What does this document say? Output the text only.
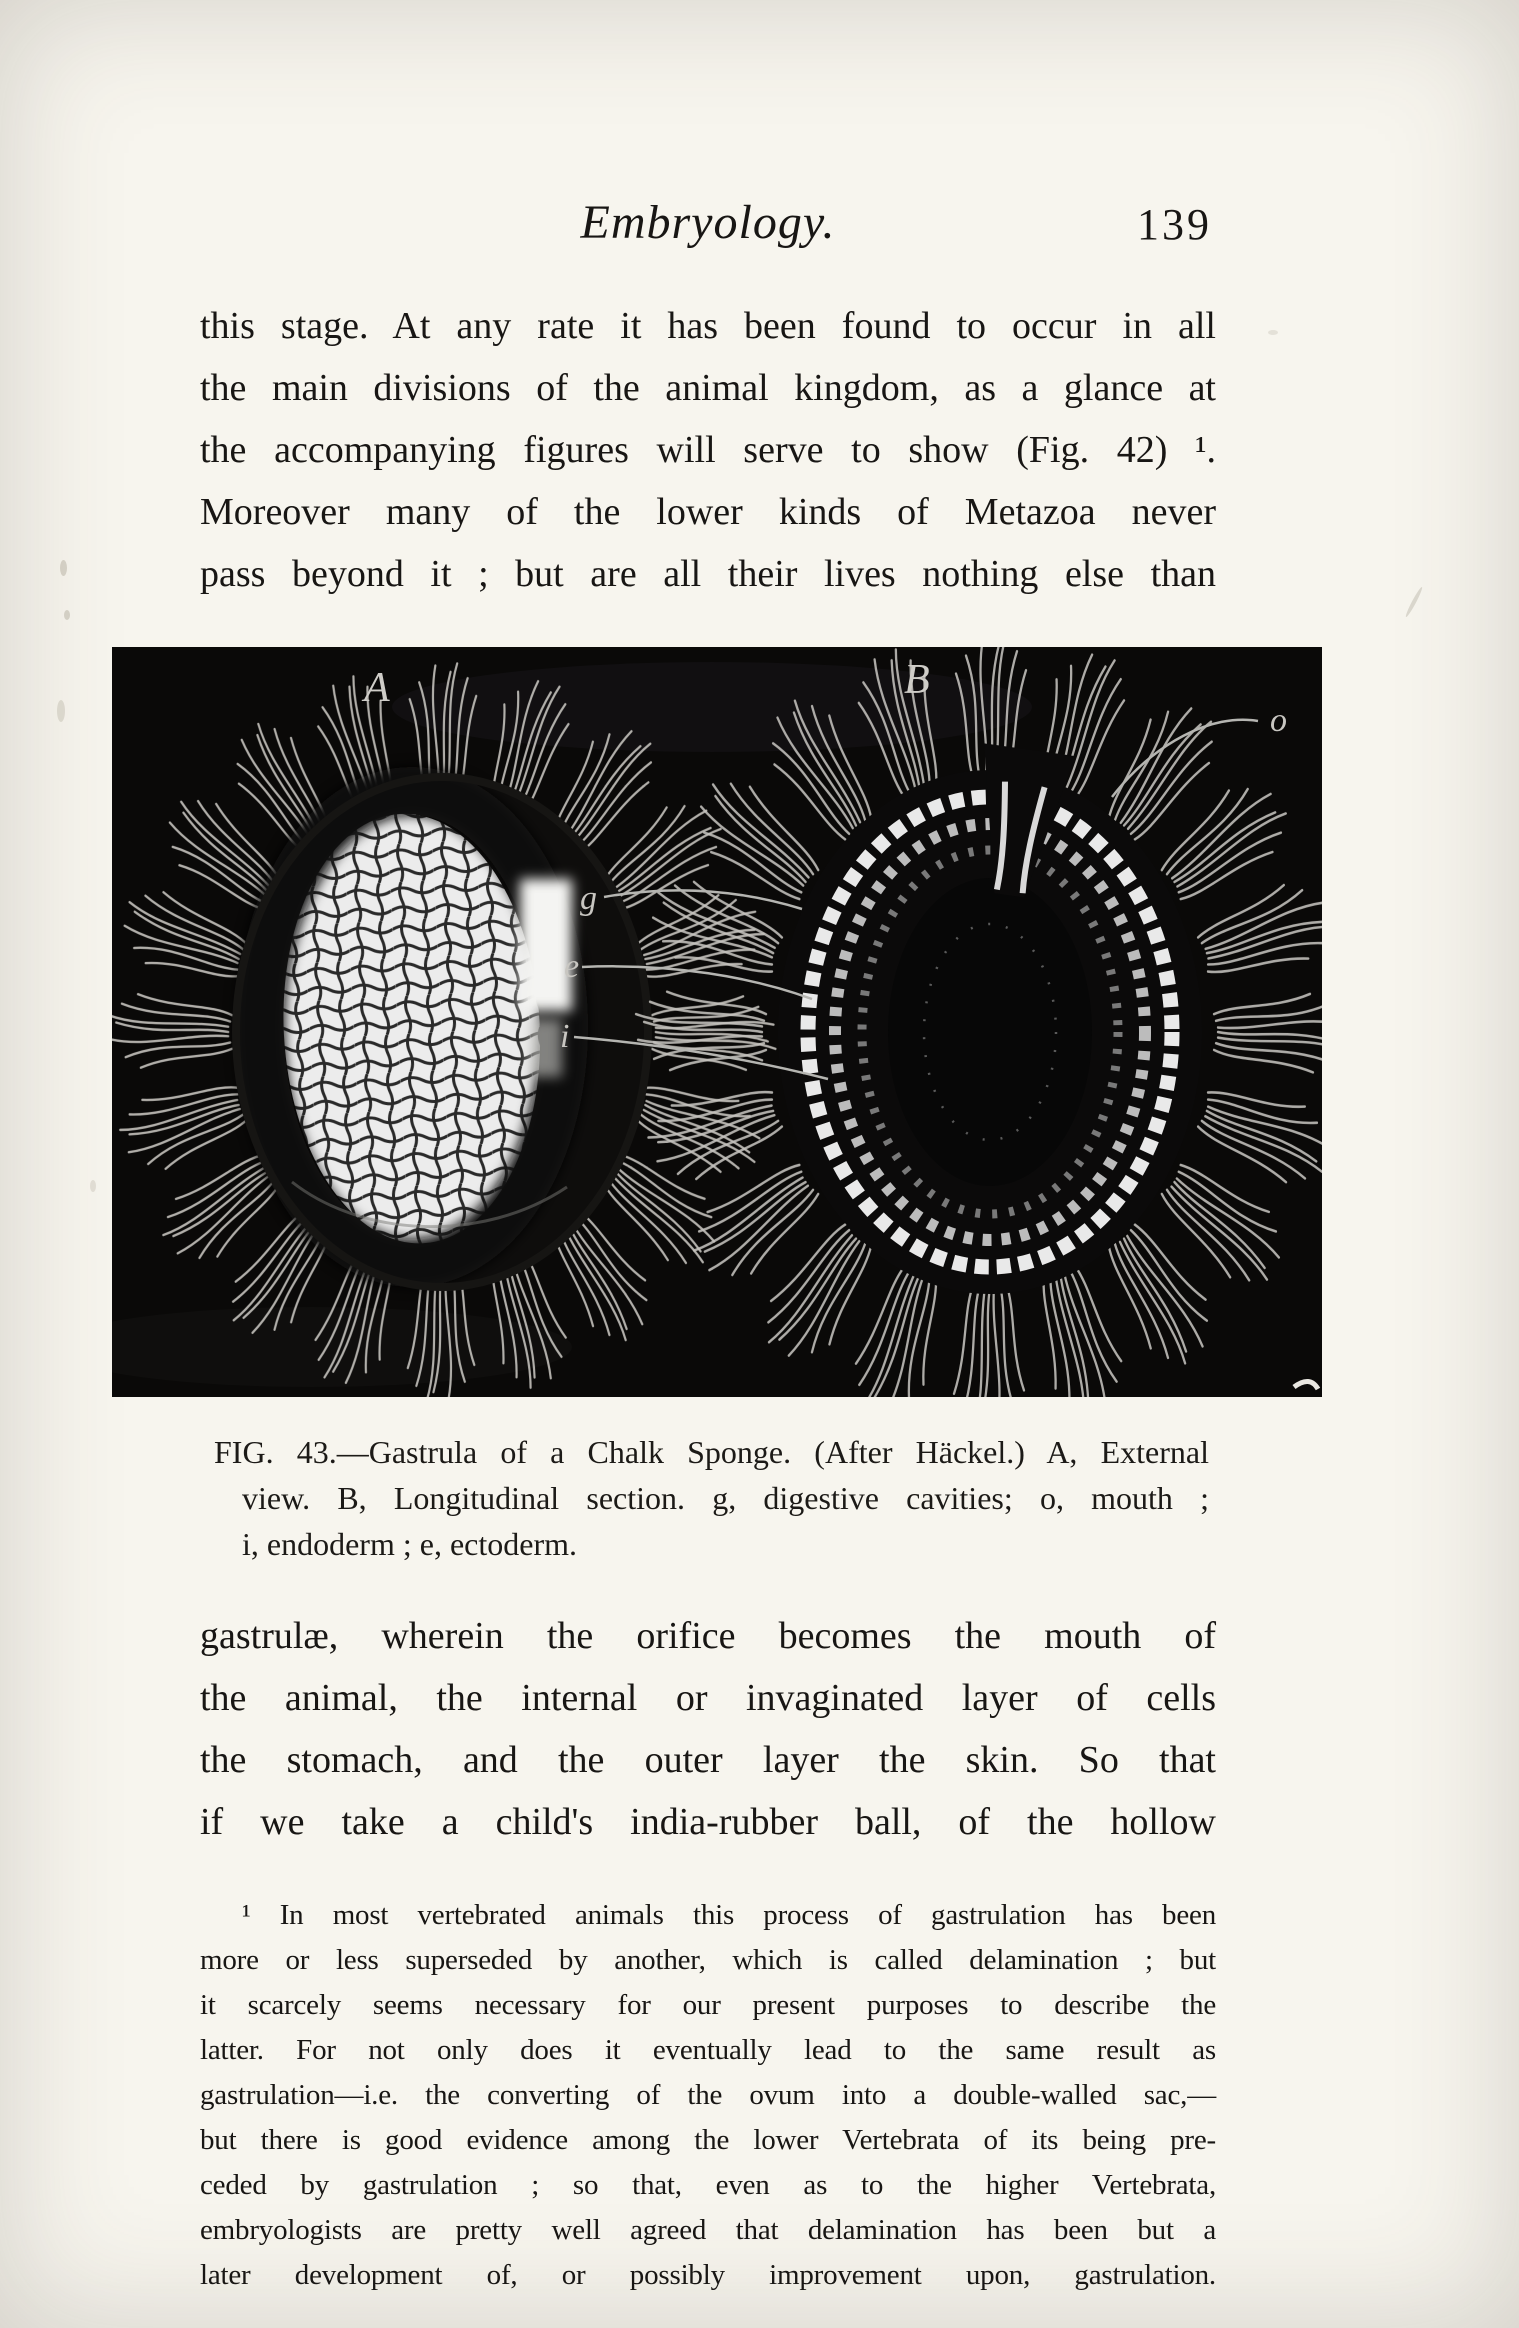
Embryology.	139
this stage. At any rate it has been found to occur in all
the main divisions of the animal kingdom, as a glance at
the accompanying figures will serve to show (Fig. 42) ¹.
Moreover many of the lower kinds of Metazoa never
pass beyond it ; but are all their lives nothing else than
A	B
o
g
e
i
FIG. 43.—Gastrula of a Chalk Sponge. (After Häckel.) A, External
view. B, Longitudinal section. g, digestive cavities; o, mouth ;
i, endoderm ; e, ectoderm.
gastrulæ, wherein the orifice becomes the mouth of
the animal, the internal or invaginated layer of cells
the stomach, and the outer layer the skin. So that
if we take a child's india-rubber ball, of the hollow
¹ In most vertebrated animals this process of gastrulation has been
more or less superseded by another, which is called delamination ; but
it scarcely seems necessary for our present purposes to describe the
latter. For not only does it eventually lead to the same result as
gastrulation—i.e. the converting of the ovum into a double-walled sac,—
but there is good evidence among the lower Vertebrata of its being pre-
ceded by gastrulation ; so that, even as to the higher Vertebrata,
embryologists are pretty well agreed that delamination has been but a
later development of, or possibly improvement upon, gastrulation.
